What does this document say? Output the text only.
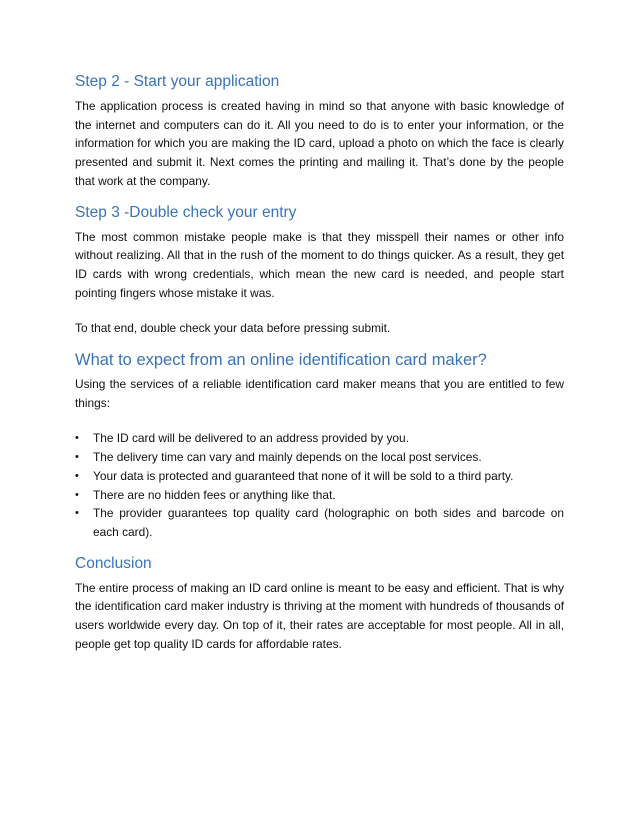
Step 2 - Start your application

The application process is created having in mind so that anyone with basic knowledge of the internet and computers can do it. All you need to do is to enter your information, or the information for which you are making the ID card, upload a photo on which the face is clearly presented and submit it. Next comes the printing and mailing it. That’s done by the people that work at the company.

Step 3 -Double check your entry

The most common mistake people make is that they misspell their names or other info without realizing. All that in the rush of the moment to do things quicker. As a result, they get ID cards with wrong credentials, which mean the new card is needed, and people start pointing fingers whose mistake it was.

To that end, double check your data before pressing submit.

What to expect from an online identification card maker?

Using the services of a reliable identification card maker means that you are entitled to few things:

•	The ID card will be delivered to an address provided by you.
•	The delivery time can vary and mainly depends on the local post services.
•	Your data is protected and guaranteed that none of it will be sold to a third party.
•	There are no hidden fees or anything like that.
•	The provider guarantees top quality card (holographic on both sides and barcode on each card).
Conclusion

The entire process of making an ID card online is meant to be easy and efficient. That is why the identification card maker industry is thriving at the moment with hundreds of thousands of users worldwide every day. On top of it, their rates are acceptable for most people. All in all, people get top quality ID cards for affordable rates.
